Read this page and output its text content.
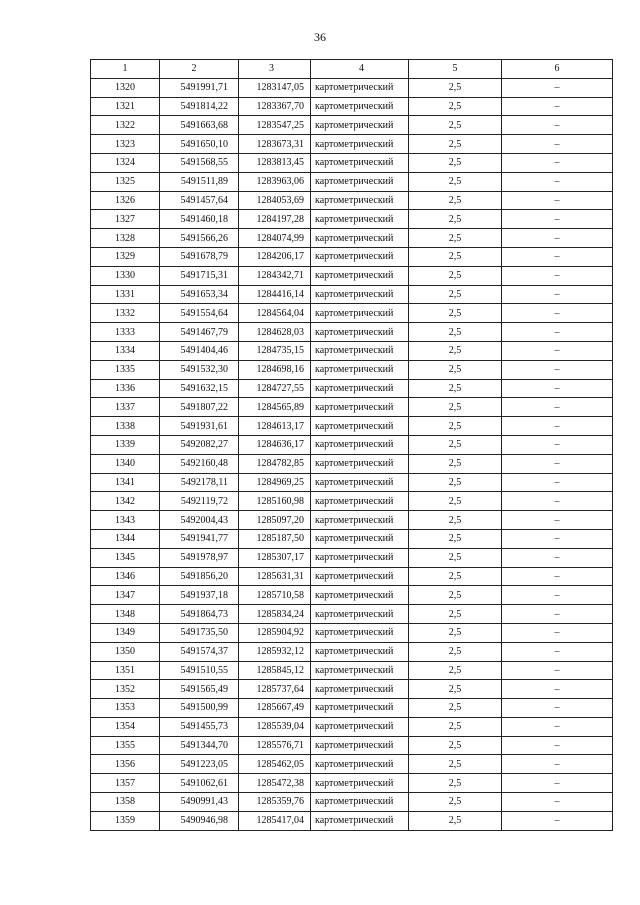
36
1	2	3	4	5	6
1320	5491991,71	1283147,05	картометрический	2,5	–
1321	5491814,22	1283367,70	картометрический	2,5	–
1322	5491663,68	1283547,25	картометрический	2,5	–
1323	5491650,10	1283673,31	картометрический	2,5	–
1324	5491568,55	1283813,45	картометрический	2,5	–
1325	5491511,89	1283963,06	картометрический	2,5	–
1326	5491457,64	1284053,69	картометрический	2,5	–
1327	5491460,18	1284197,28	картометрический	2,5	–
1328	5491566,26	1284074,99	картометрический	2,5	–
1329	5491678,79	1284206,17	картометрический	2,5	–
1330	5491715,31	1284342,71	картометрический	2,5	–
1331	5491653,34	1284416,14	картометрический	2,5	–
1332	5491554,64	1284564,04	картометрический	2,5	–
1333	5491467,79	1284628,03	картометрический	2,5	–
1334	5491404,46	1284735,15	картометрический	2,5	–
1335	5491532,30	1284698,16	картометрический	2,5	–
1336	5491632,15	1284727,55	картометрический	2,5	–
1337	5491807,22	1284565,89	картометрический	2,5	–
1338	5491931,61	1284613,17	картометрический	2,5	–
1339	5492082,27	1284636,17	картометрический	2,5	–
1340	5492160,48	1284782,85	картометрический	2,5	–
1341	5492178,11	1284969,25	картометрический	2,5	–
1342	5492119,72	1285160,98	картометрический	2,5	–
1343	5492004,43	1285097,20	картометрический	2,5	–
1344	5491941,77	1285187,50	картометрический	2,5	–
1345	5491978,97	1285307,17	картометрический	2,5	–
1346	5491856,20	1285631,31	картометрический	2,5	–
1347	5491937,18	1285710,58	картометрический	2,5	–
1348	5491864,73	1285834,24	картометрический	2,5	–
1349	5491735,50	1285904,92	картометрический	2,5	–
1350	5491574,37	1285932,12	картометрический	2,5	–
1351	5491510,55	1285845,12	картометрический	2,5	–
1352	5491565,49	1285737,64	картометрический	2,5	–
1353	5491500,99	1285667,49	картометрический	2,5	–
1354	5491455,73	1285539,04	картометрический	2,5	–
1355	5491344,70	1285576,71	картометрический	2,5	–
1356	5491223,05	1285462,05	картометрический	2,5	–
1357	5491062,61	1285472,38	картометрический	2,5	–
1358	5490991,43	1285359,76	картометрический	2,5	–
1359	5490946,98	1285417,04	картометрический	2,5	–
